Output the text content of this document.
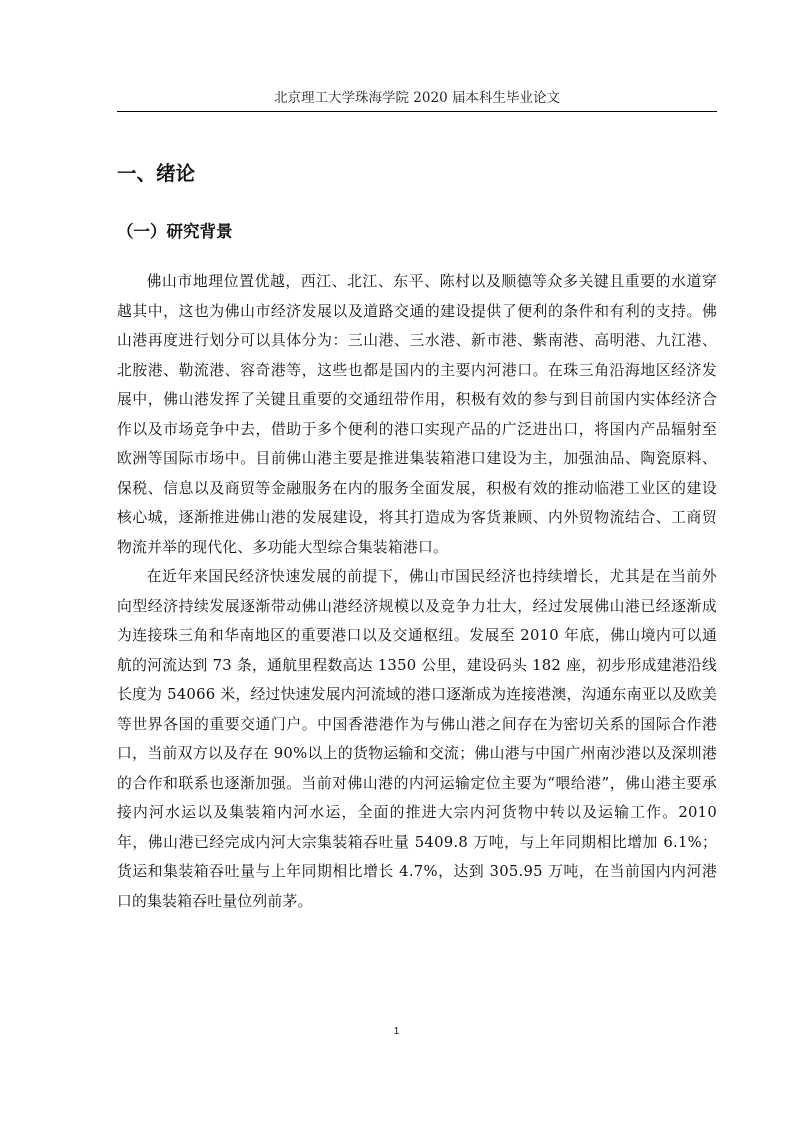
北京理工大学珠海学院 2020 届本科生毕业论文
一、绪论
（一）研究背景

佛山市地理位置优越，西江、北江、东平、陈村以及顺德等众多关键且重要的水道穿越其中，这也为佛山市经济发展以及道路交通的建设提供了便利的条件和有利的支持。佛山港再度进行划分可以具体分为：三山港、三水港、新市港、紫南港、高明港、九江港、北胺港、勒流港、容奇港等，这些也都是国内的主要内河港口。在珠三角沿海地区经济发展中，佛山港发挥了关键且重要的交通纽带作用，积极有效的参与到目前国内实体经济合作以及市场竞争中去，借助于多个便利的港口实现产品的广泛进出口，将国内产品辐射至欧洲等国际市场中。目前佛山港主要是推进集装箱港口建设为主，加强油品、陶瓷原料、保税、信息以及商贸等金融服务在内的服务全面发展，积极有效的推动临港工业区的建设核心城，逐渐推进佛山港的发展建设，将其打造成为客货兼顾、内外贸物流结合、工商贸物流并举的现代化、多功能大型综合集装箱港口。

在近年来国民经济快速发展的前提下，佛山市国民经济也持续增长，尤其是在当前外向型经济持续发展逐渐带动佛山港经济规模以及竞争力壮大，经过发展佛山港已经逐渐成为连接珠三角和华南地区的重要港口以及交通枢纽。发展至 2010 年底，佛山境内可以通航的河流达到 73 条，通航里程数高达 1350 公里，建设码头 182 座，初步形成建港沿线长度为 54066 米，经过快速发展内河流域的港口逐渐成为连接港澳，沟通东南亚以及欧美等世界各国的重要交通门户。中国香港港作为与佛山港之间存在为密切关系的国际合作港口，当前双方以及存在 90%以上的货物运输和交流；佛山港与中国广州南沙港以及深圳港的合作和联系也逐渐加强。当前对佛山港的内河运输定位主要为“喂给港”，佛山港主要承接内河水运以及集装箱内河水运，全面的推进大宗内河货物中转以及运输工作。2010 年，佛山港已经完成内河大宗集装箱吞吐量 5409.8 万吨，与上年同期相比增加 6.1%；货运和集装箱吞吐量与上年同期相比增长 4.7%，达到 305.95 万吨，在当前国内内河港口的集装箱吞吐量位列前茅。

1
